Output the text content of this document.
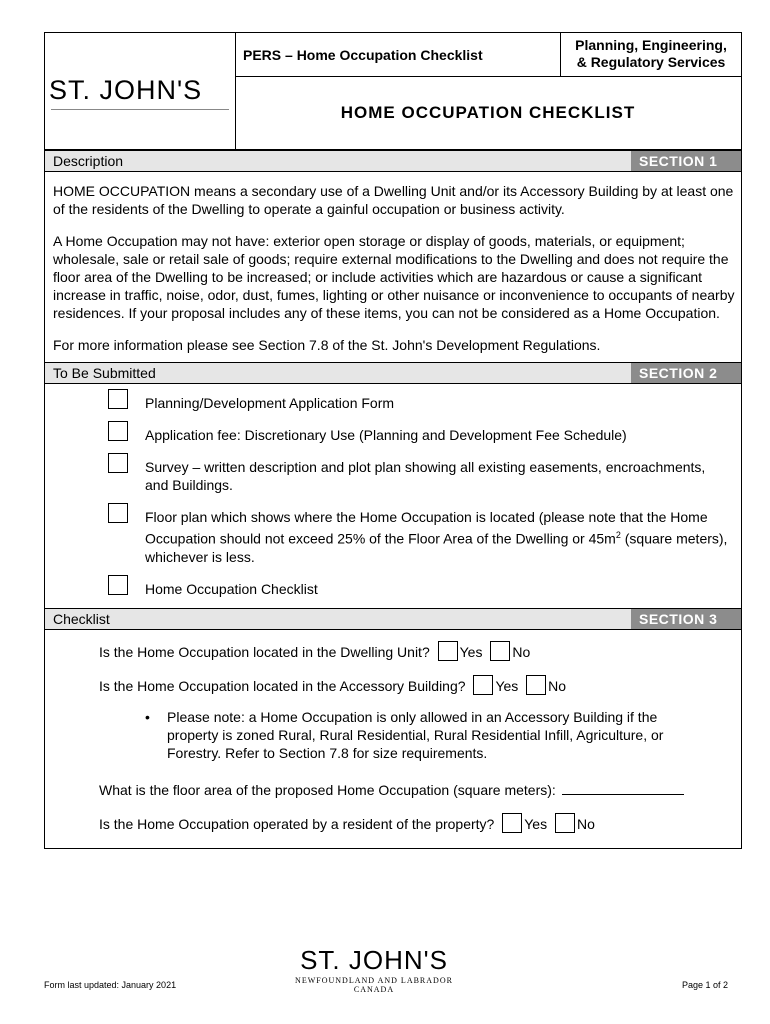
ST. JOHN'S
PERS – Home Occupation Checklist
Planning, Engineering,
& Regulatory Services
HOME OCCUPATION CHECKLIST
Description	SECTION 1

HOME OCCUPATION means a secondary use of a Dwelling Unit and/or its Accessory Building by at least one of the residents of the Dwelling to operate a gainful occupation or business activity.

A Home Occupation may not have: exterior open storage or display of goods, materials, or equipment; wholesale, sale or retail sale of goods; require external modifications to the Dwelling and does not require the floor area of the Dwelling to be increased; or include activities which are hazardous or cause a significant increase in traffic, noise, odor, dust, fumes, lighting or other nuisance or inconvenience to occupants of nearby residences. If your proposal includes any of these items, you can not be considered as a Home Occupation.

For more information please see Section 7.8 of the St. John's Development Regulations.

To Be Submitted	SECTION 2
Planning/Development Application Form
Application fee: Discretionary Use (Planning and Development Fee Schedule)
Survey – written description and plot plan showing all existing easements, encroachments, and Buildings.
Floor plan which shows where the Home Occupation is located (please note that the Home Occupation should not exceed 25% of the Floor Area of the Dwelling or $45m^2$ (square meters), whichever is less.
Home Occupation Checklist
Checklist	SECTION 3
Is the Home Occupation located in the Dwelling Unit? Yes No
Is the Home Occupation located in the Accessory Building? Yes No
• Please note: a Home Occupation is only allowed in an Accessory Building if the property is zoned Rural, Rural Residential, Rural Residential Infill, Agriculture, or Forestry. Refer to Section 7.8 for size requirements.
What is the floor area of the proposed Home Occupation (square meters):
Is the Home Occupation operated by a resident of the property? Yes No
ST. JOHN'S
NEWFOUNDLAND AND LABRADOR CANADA
Form last updated: January 2021	Page 1 of 2
